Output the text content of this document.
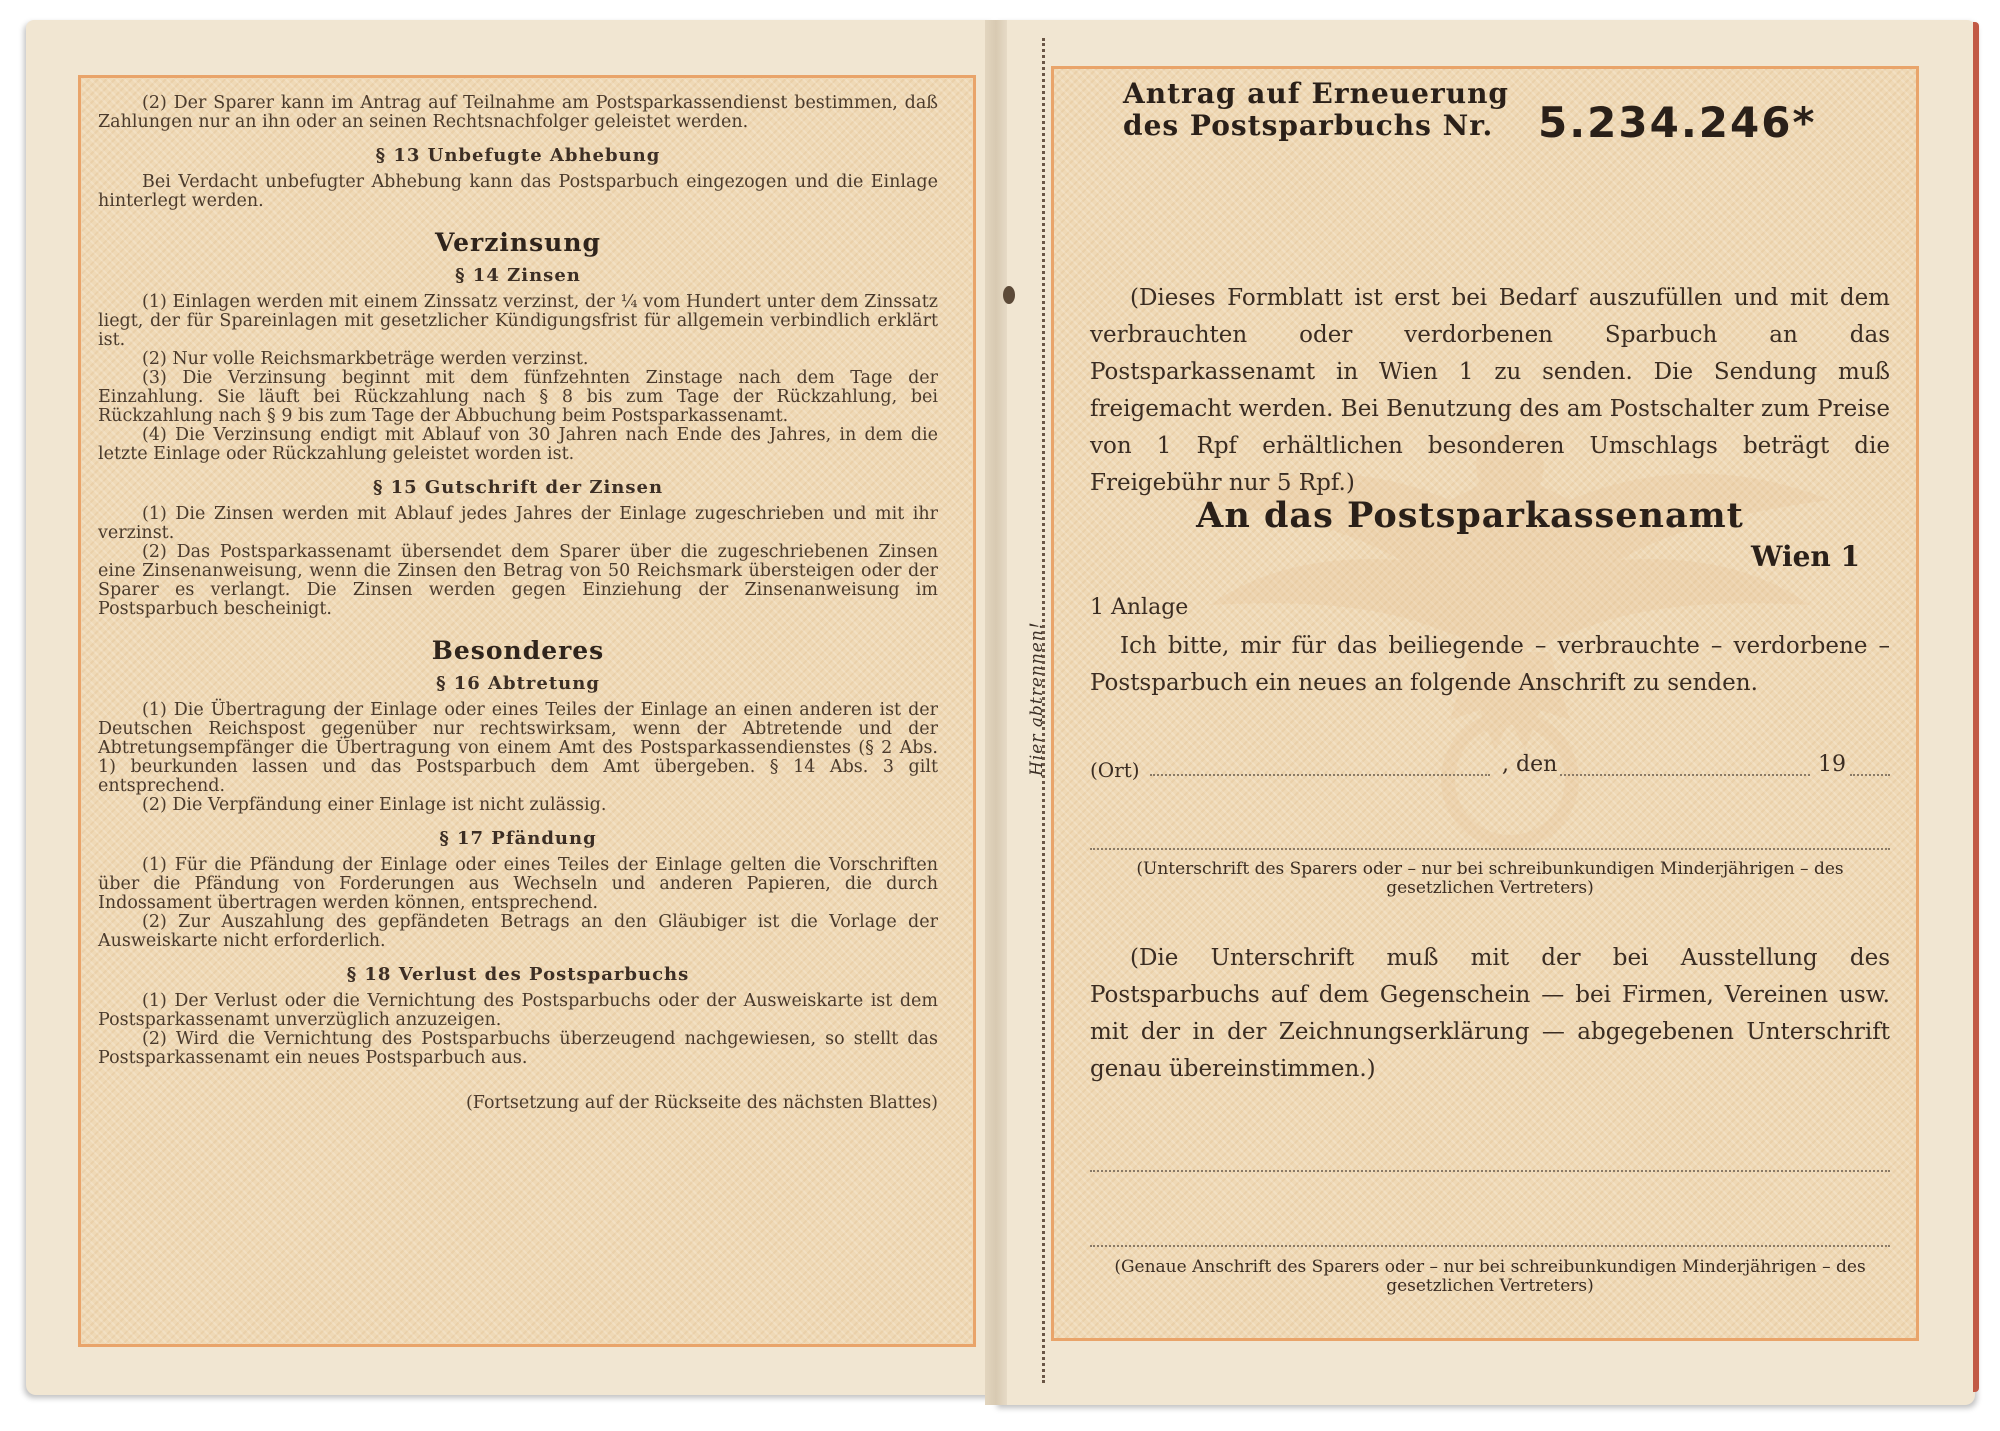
(2) Der Sparer kann im Antrag auf Teilnahme am Postsparkassendienst bestimmen, daß Zahlungen nur an ihn oder an seinen Rechtsnachfolger geleistet werden.

§ 13 Unbefugte Abhebung

Bei Verdacht unbefugter Abhebung kann das Postsparbuch eingezogen und die Einlage hinterlegt werden.

Verzinsung
§ 14 Zinsen

(1) Einlagen werden mit einem Zinssatz verzinst, der ¼ vom Hundert unter dem Zinssatz liegt, der für Spareinlagen mit gesetzlicher Kündigungsfrist für allgemein verbindlich erklärt ist.

(2) Nur volle Reichsmarkbeträge werden verzinst.

(3) Die Verzinsung beginnt mit dem fünfzehnten Zinstage nach dem Tage der Einzahlung. Sie läuft bei Rückzahlung nach § 8 bis zum Tage der Rückzahlung, bei Rückzahlung nach § 9 bis zum Tage der Abbuchung beim Postsparkassenamt.

(4) Die Verzinsung endigt mit Ablauf von 30 Jahren nach Ende des Jahres, in dem die letzte Einlage oder Rückzahlung geleistet worden ist.

§ 15 Gutschrift der Zinsen

(1) Die Zinsen werden mit Ablauf jedes Jahres der Einlage zugeschrieben und mit ihr verzinst.

(2) Das Postsparkassenamt übersendet dem Sparer über die zugeschriebenen Zinsen eine Zinsenanweisung, wenn die Zinsen den Betrag von 50 Reichsmark übersteigen oder der Sparer es verlangt. Die Zinsen werden gegen Einziehung der Zinsenanweisung im Postsparbuch bescheinigt.

Besonderes
§ 16 Abtretung

(1) Die Übertragung der Einlage oder eines Teiles der Einlage an einen anderen ist der Deutschen Reichspost gegenüber nur rechtswirksam, wenn der Abtretende und der Abtretungsempfänger die Übertragung von einem Amt des Postsparkassendienstes (§ 2 Abs. 1) beurkunden lassen und das Postsparbuch dem Amt übergeben. § 14 Abs. 3 gilt entsprechend.

(2) Die Verpfändung einer Einlage ist nicht zulässig.

§ 17 Pfändung

(1) Für die Pfändung der Einlage oder eines Teiles der Einlage gelten die Vorschriften über die Pfändung von Forderungen aus Wechseln und anderen Papieren, die durch Indossament übertragen werden können, entsprechend.

(2) Zur Auszahlung des gepfändeten Betrags an den Gläubiger ist die Vorlage der Ausweiskarte nicht erforderlich.

§ 18 Verlust des Postsparbuchs

(1) Der Verlust oder die Vernichtung des Postsparbuchs oder der Ausweiskarte ist dem Postsparkassenamt unverzüglich anzuzeigen.

(2) Wird die Vernichtung des Postsparbuchs überzeugend nachgewiesen, so stellt das Postsparkassenamt ein neues Postsparbuch aus.

(Fortsetzung auf der Rückseite des nächsten Blattes)

Antrag auf Erneuerung
des Postsparbuchs Nr.	5.234.246*
(Dieses Formblatt ist erst bei Bedarf auszufüllen und mit dem verbrauchten oder verdorbenen Sparbuch an das Postsparkassenamt in Wien 1 zu senden. Die Sendung muß freigemacht werden. Bei Benutzung des am Postschalter zum Preise von 1 Rpf erhältlichen besonderen Umschlags beträgt die Freigebühr nur 5 Rpf.)
An das Postsparkassenamt
Wien 1
1 Anlage
Ich bitte, mir für das beiliegende – verbrauchte – verdorbene – Postsparbuch ein neues an folgende Anschrift zu senden.
(Ort)	, den	19
(Unterschrift des Sparers oder – nur bei schreibunkundigen Minderjährigen – des gesetzlichen Vertreters)
(Die Unterschrift muß mit der bei Ausstellung des Postsparbuchs auf dem Gegenschein — bei Firmen, Vereinen usw. mit der in der Zeichnungserklärung — abgegebenen Unterschrift genau übereinstimmen.)
(Genaue Anschrift des Sparers oder – nur bei schreibunkundigen Minderjährigen – des gesetzlichen Vertreters)
